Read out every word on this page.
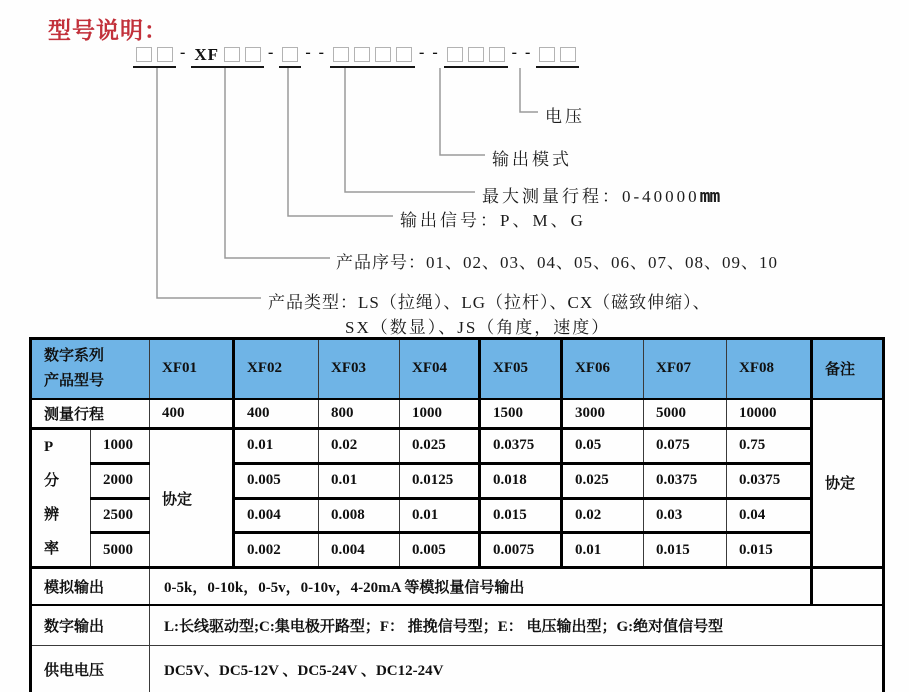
型号说明：
- XF	- - -	- -	- -
电压
输出模式
最大测量行程：0-40000mm
输出信号：P、M、G
产品序号：01、02、03、04、05、06、07、08、09、10
产品类型：LS（拉绳）、LG（拉杆）、CX（磁致伸缩）、
SX（数显）、JS（角度，速度）
数字系列
产品型号		XF01	XF02	XF03	XF04	XF05	XF06	XF07	XF08	备注
测量行程		400	400	800	1000	1500	3000	5000	10000	协定

P
分
辨
率	1000	协定	0.01	0.02	0.025	0.0375	0.05	0.075	0.75	
	2000		0.005	0.01	0.0125	0.018	0.025	0.0375	0.0375	
	2500		0.004	0.008	0.01	0.015	0.02	0.03	0.04	
	5000		0.002	0.004	0.005	0.0075	0.01	0.015	0.015	
模拟输出		0-5k，0-10k，0-5v，0-10v，4-20mA 等模拟量信号输出								
数字输出		L:长线驱动型;C:集电极开路型；F： 推挽信号型；E： 电压输出型；G:绝对值信号型								
供电电压		DC5V、DC5-12V 、DC5-24V 、DC12-24V								
